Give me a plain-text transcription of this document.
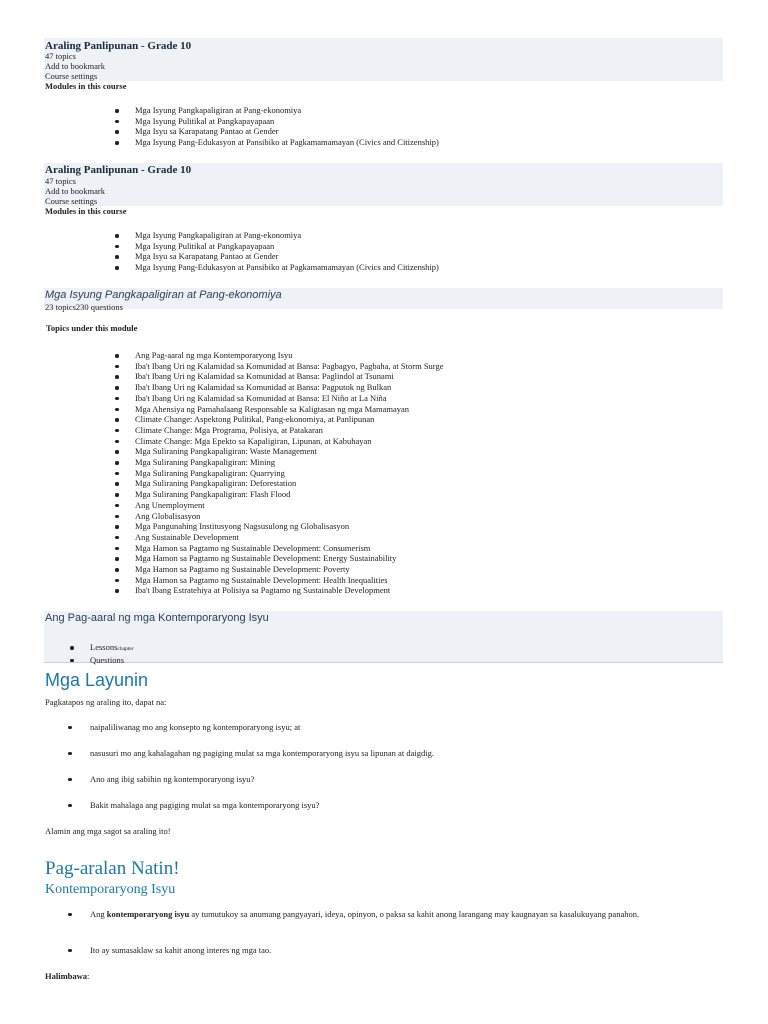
Araling Panlipunan - Grade 10
47 topics
Add to bookmark
Course settings
Modules in this course
Mga Isyung Pangkapaligiran at Pang-ekonomiya
Mga Isyung Pulitikal at Pangkapayapaan
Mga Isyu sa Karapatang Pantao at Gender
Mga Isyung Pang-Edukasyon at Pansibiko at Pagkamamamayan (Civics and Citizenship)
Araling Panlipunan - Grade 10
47 topics
Add to bookmark
Course settings
Modules in this course
Mga Isyung Pangkapaligiran at Pang-ekonomiya
Mga Isyung Pulitikal at Pangkapayapaan
Mga Isyu sa Karapatang Pantao at Gender
Mga Isyung Pang-Edukasyon at Pansibiko at Pagkamamamayan (Civics and Citizenship)
Mga Isyung Pangkapaligiran at Pang-ekonomiya
23 topics230 questions
Topics under this module
Ang Pag-aaral ng mga Kontemporaryong Isyu
Iba't Ibang Uri ng Kalamidad sa Komunidad at Bansa: Pagbagyo, Pagbaha, at Storm Surge
Iba't Ibang Uri ng Kalamidad sa Komunidad at Bansa: Paglindol at Tsunami
Iba't Ibang Uri ng Kalamidad sa Komunidad at Bansa: Pagputok ng Bulkan
Iba't Ibang Uri ng Kalamidad sa Komunidad at Bansa: El Niño at La Niña
Mga Ahensiya ng Pamahalaang Responsable sa Kaligtasan ng mga Mamamayan
Climate Change: Aspektong Pulitikal, Pang-ekonomiya, at Panlipunan
Climate Change: Mga Programa, Polisiya, at Patakaran
Climate Change: Mga Epekto sa Kapaligiran, Lipunan, at Kabuhayan
Mga Suliraning Pangkapaligiran: Waste Management
Mga Suliraning Pangkapaligiran: Mining
Mga Suliraning Pangkapaligiran: Quarrying
Mga Suliraning Pangkapaligiran: Deforestation
Mga Suliraning Pangkapaligiran: Flash Flood
Ang Unemployment
Ang Globalisasyon
Mga Pangunahing Institusyong Nagsusulong ng Globalisasyon
Ang Sustainable Development
Mga Hamon sa Pagtamo ng Sustainable Development: Consumerism
Mga Hamon sa Pagtamo ng Sustainable Development: Energy Sustainability
Mga Hamon sa Pagtamo ng Sustainable Development: Poverty
Mga Hamon sa Pagtamo ng Sustainable Development: Health Inequalities
Iba't Ibang Estratehiya at Polisiya sa Pagtamo ng Sustainable Development
Ang Pag-aaral ng mga Kontemporaryong Isyu
Lessonschapter
Questions
Mga Layunin
Pagkatapos ng araling ito, dapat na:
naipaliliwanag mo ang konsepto ng kontemporaryong isyu; at
nasusuri mo ang kahalagahan ng pagiging mulat sa mga kontemporaryong isyu sa lipunan at daigdig.
Ano ang ibig sabihin ng kontemporaryong isyu?
Bakit mahalaga ang pagiging mulat sa mga kontemporaryong isyu?
Alamin ang mga sagot sa araling ito!
Pag-aralan Natin!
Kontemporaryong Isyu
Ang kontemporaryong isyu ay tumutukoy sa anumang pangyayari, ideya, opinyon, o paksa sa kahit anong larangang may kaugnayan sa kasalukuyang panahon.
Ito ay sumasaklaw sa kahit anong interes ng mga tao.
Halimbawa:
